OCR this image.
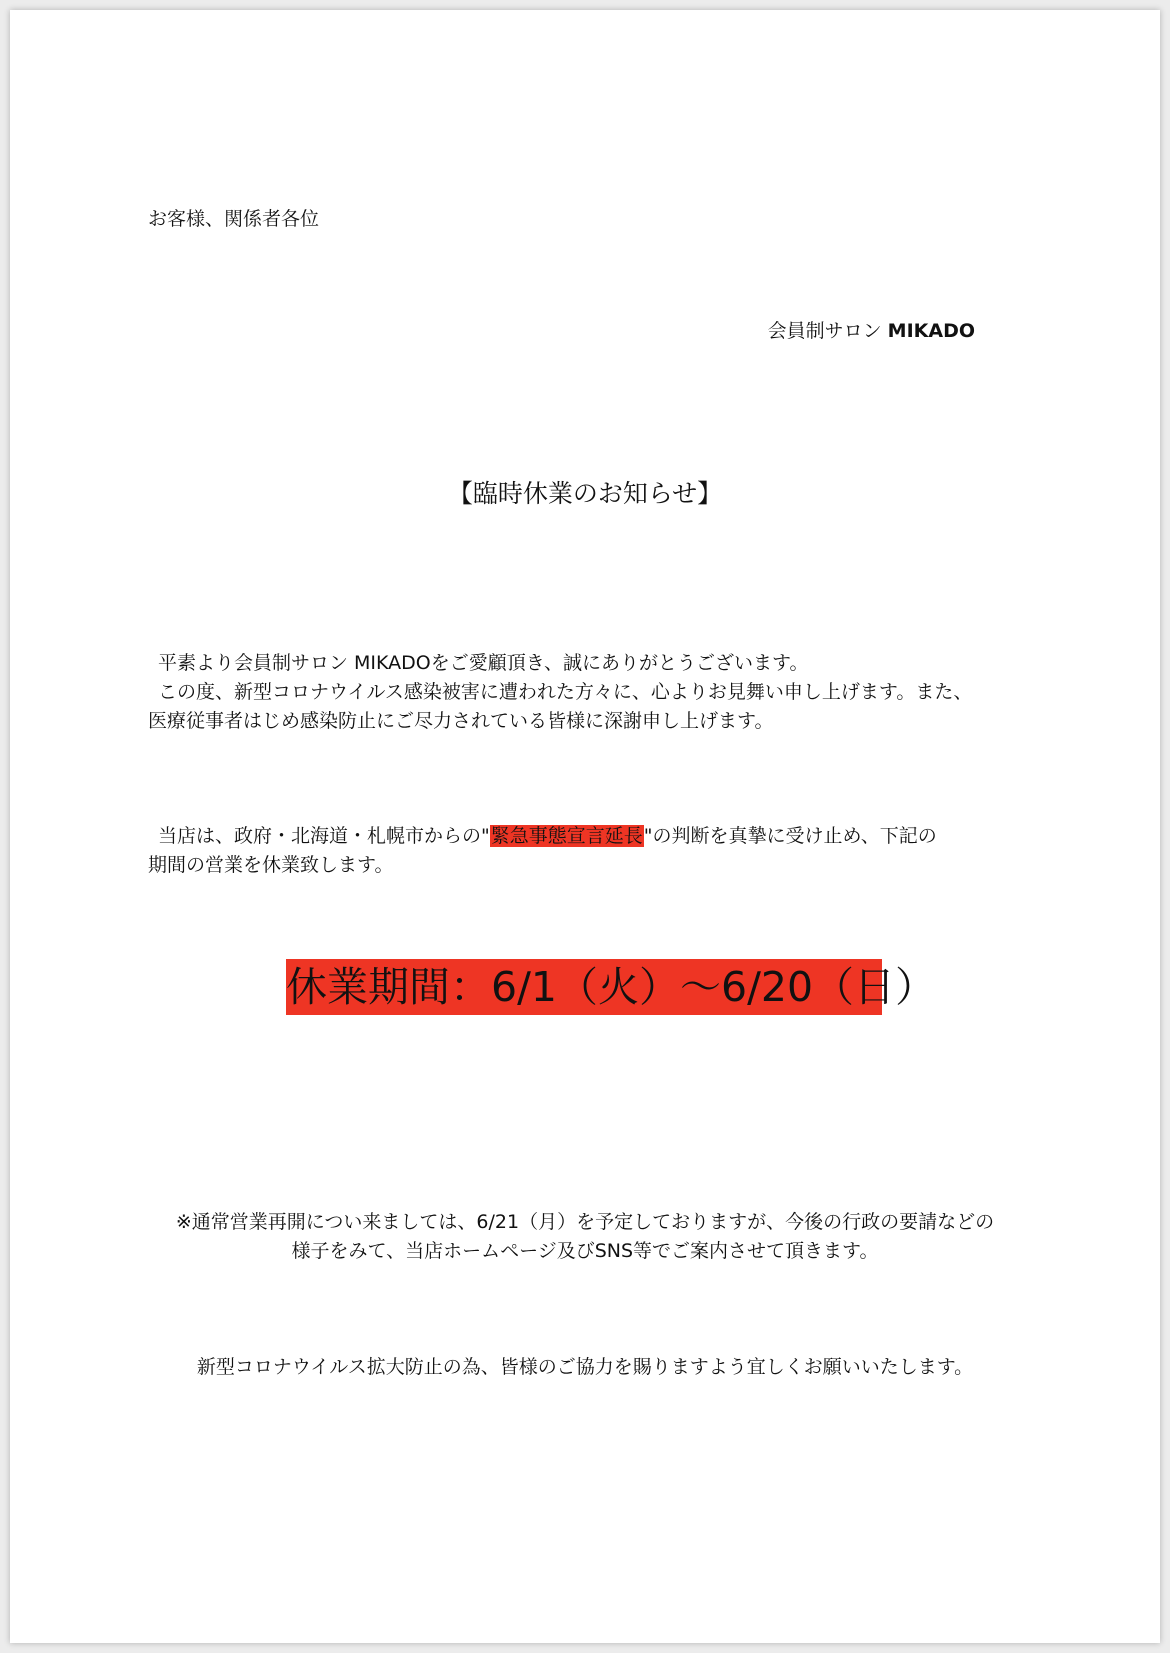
お客様、関係者各位

会員制サロン MIKADO

【臨時休業のお知らせ】

平素より会員制サロン MIKADOをご愛顧頂き、誠にありがとうございます。

この度、新型コロナウイルス感染被害に遭われた方々に、心よりお見舞い申し上げます。また、

医療従事者はじめ感染防止にご尽力されている皆様に深謝申し上げます。

当店は、政府・北海道・札幌市からの"緊急事態宣言延長"の判断を真摯に受け止め、下記の

期間の営業を休業致します。

休業期間：6/1（火）～6/20（日）

※通常営業再開につい来ましては、6/21（月）を予定しておりますが、今後の行政の要請などの

様子をみて、当店ホームページ及びSNS等でご案内させて頂きます。

新型コロナウイルス拡大防止の為、皆様のご協力を賜りますよう宜しくお願いいたします。
